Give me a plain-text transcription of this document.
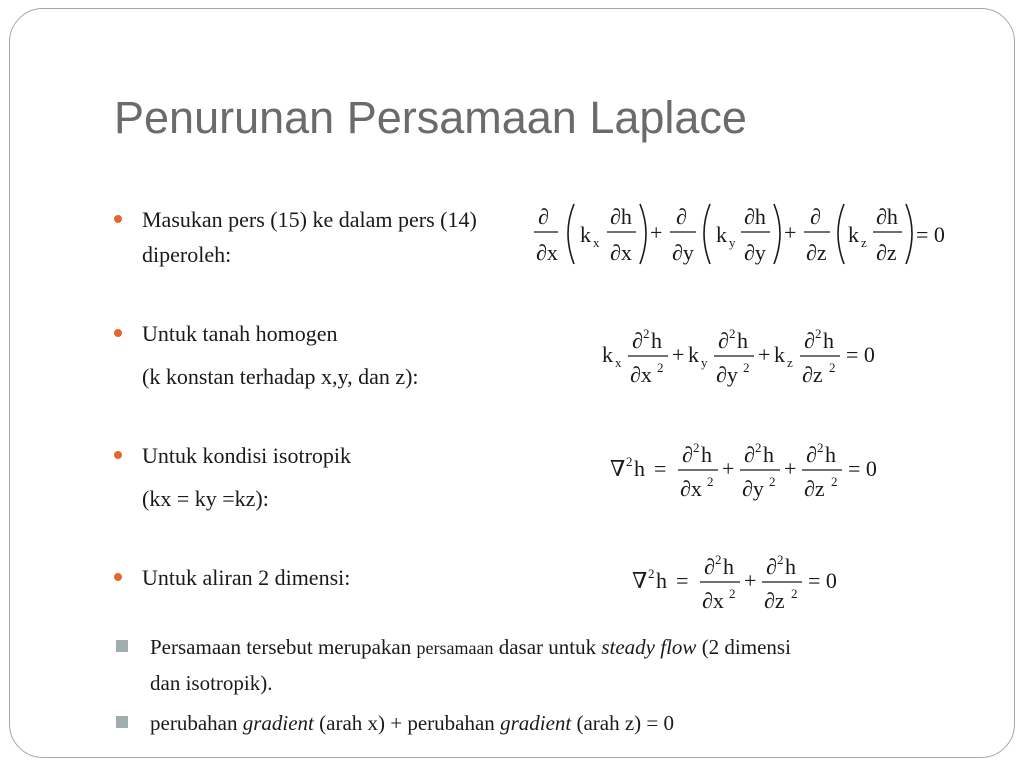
Penurunan Persamaan Laplace
Masukan pers (15) ke dalam pers (14)
diperoleh:
Untuk tanah homogen
(k konstan terhadap x,y, dan z):
Untuk kondisi isotropik
(kx = ky =kz):
Untuk aliran 2 dimensi:
∂
∂x
k x
∂h
∂x
+
∂
∂y
k y
∂h
∂y
+
∂
∂z
k z
∂h
∂z
= 0
k x
∂ 2 h
∂x 2
+ k y
∂ 2 h
∂y 2
+ k z
∂ 2 h
∂z 2
= 0
∇ 2 h =
∂ 2 h
∂x 2
+
∂ 2 h
∂y 2
+
∂ 2 h
∂z 2
= 0
∇ 2 h =
∂ 2 h
∂x 2
+
∂ 2 h
∂z 2
= 0
Persamaan tersebut merupakan persamaan dasar untuk steady flow (2 dimensi
dan isotropik).
perubahan gradient (arah x) + perubahan gradient (arah z) = 0
